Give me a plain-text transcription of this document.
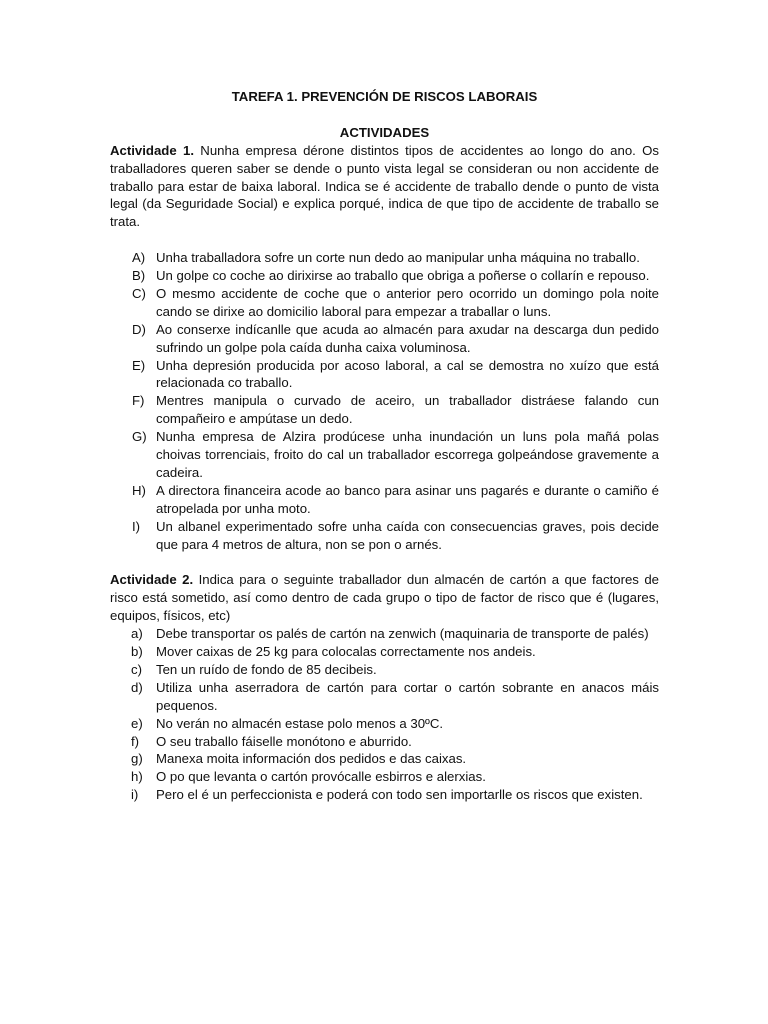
TAREFA 1. PREVENCIÓN DE RISCOS LABORAIS
ACTIVIDADES

Actividade 1. Nunha empresa dérone distintos tipos de accidentes ao longo do ano. Os traballadores queren saber se dende o punto vista legal se consideran ou non accidente de traballo para estar de baixa laboral. Indica se é accidente de traballo dende o punto de vista legal (da Seguridade Social) e explica porqué, indica de que tipo de accidente de traballo se trata.

A) Unha traballadora sofre un corte nun dedo ao manipular unha máquina no traballo.
B) Un golpe co coche ao dirixirse ao traballo que obriga a poñerse o collarín e repouso.
C) O mesmo accidente de coche que o anterior pero ocorrido un domingo pola noite cando se dirixe ao domicilio laboral para empezar a traballar o luns.
D) Ao conserxe indícanlle que acuda ao almacén para axudar na descarga dun pedido sufrindo un golpe pola caída dunha caixa voluminosa.
E) Unha depresión producida por acoso laboral, a cal se demostra no xuízo que está relacionada co traballo.
F) Mentres manipula o curvado de aceiro, un traballador distráese falando cun compañeiro e ampútase un dedo.
G) Nunha empresa de Alzira prodúcese unha inundación un luns pola mañá polas choivas torrenciais, froito do cal un traballador escorrega golpeándose gravemente a cadeira.
H) A directora financeira acode ao banco para asinar uns pagarés e durante o camiño é atropelada por unha moto.
I) Un albanel experimentado sofre unha caída con consecuencias graves, pois decide que para 4 metros de altura, non se pon o arnés.

Actividade 2. Indica para o seguinte traballador dun almacén de cartón a que factores de risco está sometido, así como dentro de cada grupo o tipo de factor de risco que é (lugares, equipos, físicos, etc)

a) Debe transportar os palés de cartón na zenwich (maquinaria de transporte de palés)
b) Mover caixas de 25 kg para colocalas correctamente nos andeis.
c) Ten un ruído de fondo de 85 decibeis.
d) Utiliza unha aserradora de cartón para cortar o cartón sobrante en anacos máis pequenos.
e) No verán no almacén estase polo menos a 30ºC.
f) O seu traballo fáiselle monótono e aburrido.
g) Manexa moita información dos pedidos e das caixas.
h) O po que levanta o cartón provócalle esbirros e alerxias.
i) Pero el é un perfeccionista e poderá con todo sen importarlle os riscos que existen.
